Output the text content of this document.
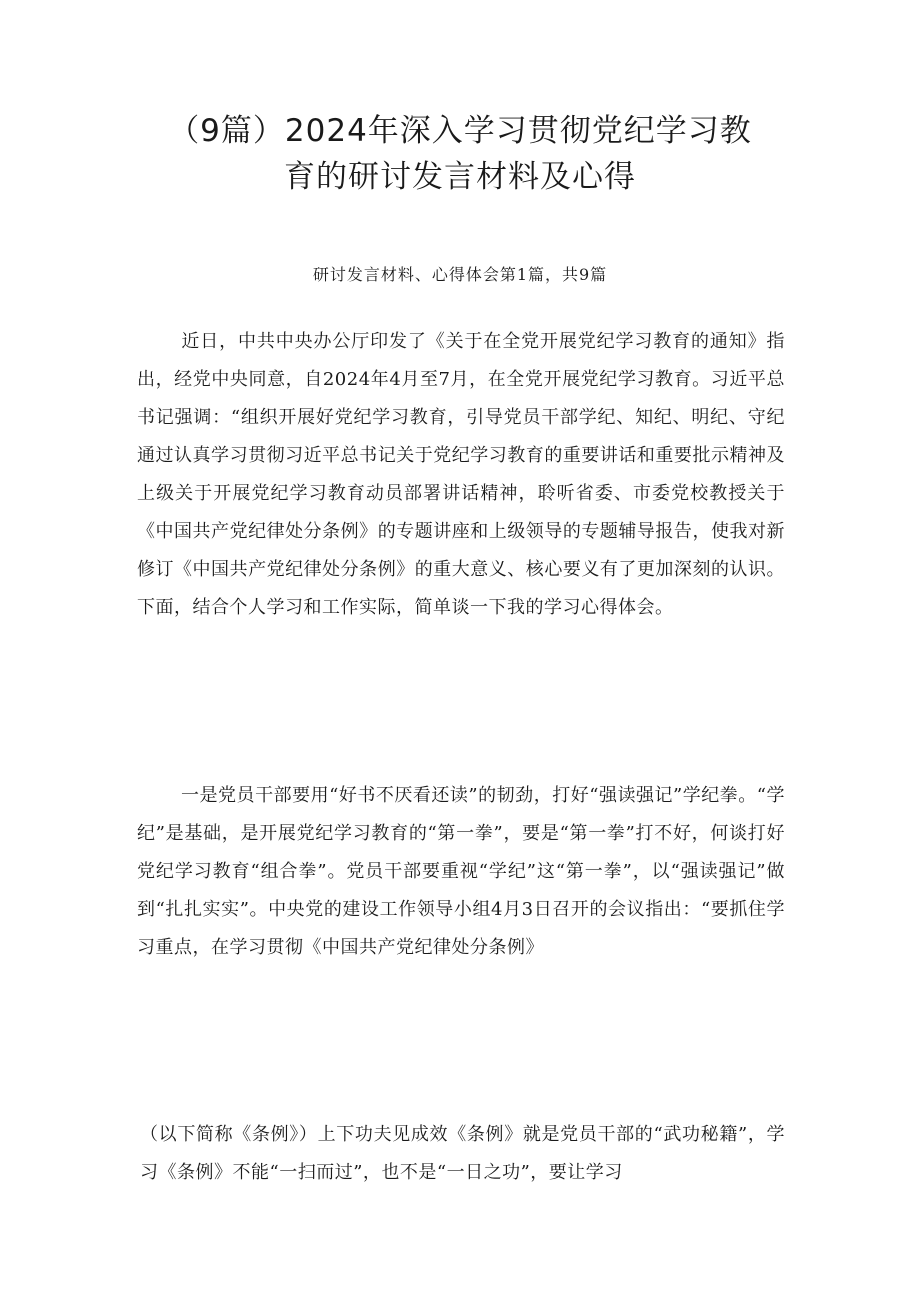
（9篇）2024年深入学习贯彻党纪学习教
育的研讨发言材料及心得
研讨发言材料、心得体会第1篇，共9篇

近日，中共中央办公厅印发了《关于在全党开展党纪学习教育的通知》指出，经党中央同意，自2024年4月至7月，在全党开展党纪学习教育。习近平总书记强调：“组织开展好党纪学习教育，引导党员干部学纪、知纪、明纪、守纪通过认真学习贯彻习近平总书记关于党纪学习教育的重要讲话和重要批示精神及上级关于开展党纪学习教育动员部署讲话精神，聆听省委、市委党校教授关于《中国共产党纪律处分条例》的专题讲座和上级领导的专题辅导报告，使我对新修订《中国共产党纪律处分条例》的重大意义、核心要义有了更加深刻的认识。下面，结合个人学习和工作实际，简单谈一下我的学习心得体会。

一是党员干部要用“好书不厌看还读”的韧劲，打好“强读强记”学纪拳。“学纪”是基础，是开展党纪学习教育的“第一拳”，要是“第一拳”打不好，何谈打好党纪学习教育“组合拳”。党员干部要重视“学纪”这“第一拳”，以“强读强记”做到“扎扎实实”。中央党的建设工作领导小组4月3日召开的会议指出：“要抓住学习重点，在学习贯彻《中国共产党纪律处分条例》

（以下简称《条例》）上下功夫见成效《条例》就是党员干部的“武功秘籍”，学习《条例》不能“一扫而过”，也不是“一日之功”，要让学习
